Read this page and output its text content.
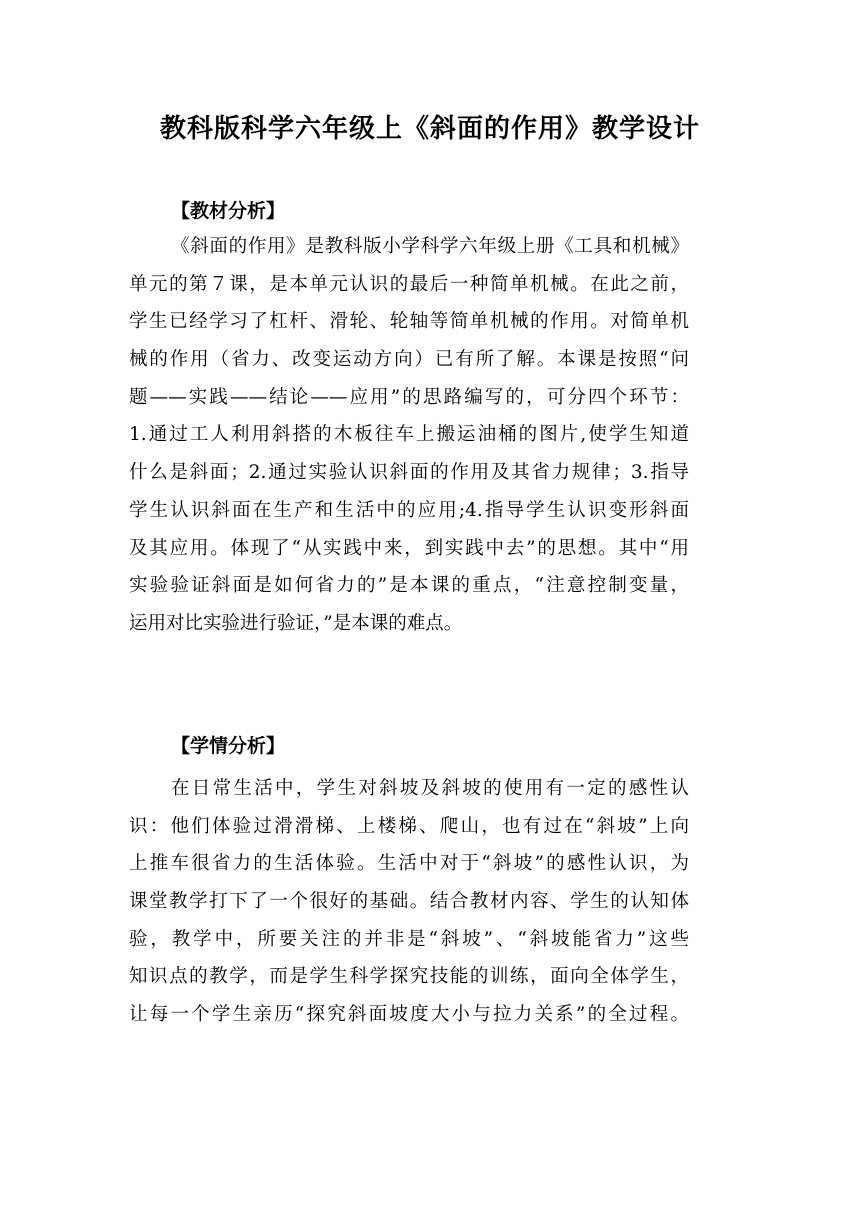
教科版科学六年级上《斜面的作用》教学设计
【教材分析】
《斜面的作用》是教科版小学科学六年级上册《工具和机械》
单元的第７课，是本单元认识的最后一种简单机械。在此之前，
学生已经学习了杠杆、滑轮、轮轴等简单机械的作用。对简单机
械的作用（省力、改变运动方向）已有所了解。本课是按照“问
题——实践——结论——应用”的思路编写的，可分四个环节：
1.通过工人利用斜搭的木板往车上搬运油桶的图片,使学生知道
什么是斜面；2.通过实验认识斜面的作用及其省力规律；3.指导
学生认识斜面在生产和生活中的应用;4.指导学生认识变形斜面
及其应用。体现了“从实践中来，到实践中去”的思想。其中“用
实验验证斜面是如何省力的”是本课的重点，“注意控制变量，
运用对比实验进行验证，”是本课的难点。
【学情分析】
在日常生活中，学生对斜坡及斜坡的使用有一定的感性认
识：他们体验过滑滑梯、上楼梯、爬山，也有过在“斜坡”上向
上推车很省力的生活体验。生活中对于“斜坡”的感性认识，为
课堂教学打下了一个很好的基础。结合教材内容、学生的认知体
验，教学中，所要关注的并非是“斜坡”、“斜坡能省力”这些
知识点的教学，而是学生科学探究技能的训练，面向全体学生，
让每一个学生亲历“探究斜面坡度大小与拉力关系”的全过程。
